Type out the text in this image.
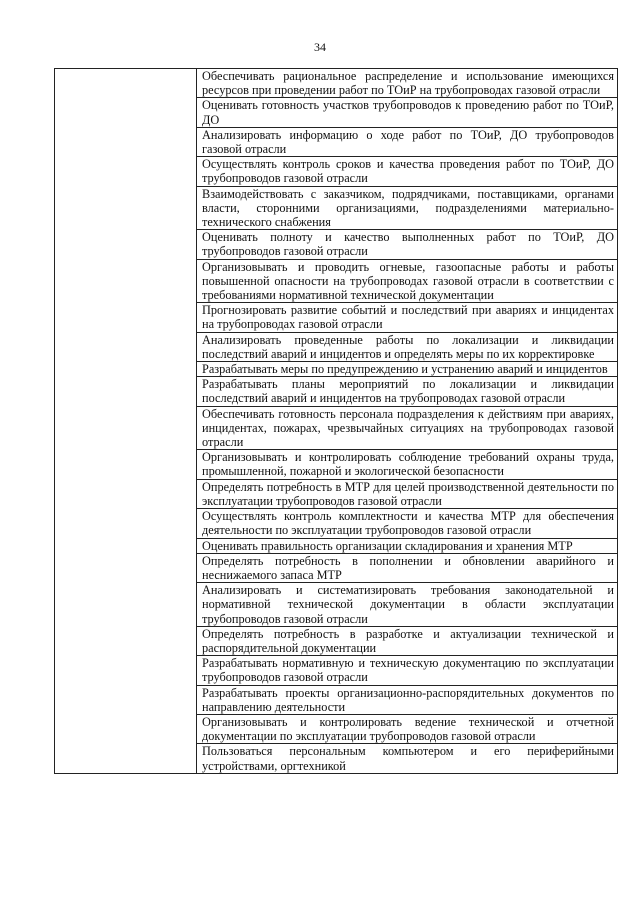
34
	Обеспечивать рациональное распределение и использование имеющихся ресурсов при проведении работ по ТОиР на трубопроводах газовой отрасли
Оценивать готовность участков трубопроводов к проведению работ по ТОиР, ДО
Анализировать информацию о ходе работ по ТОиР, ДО трубопроводов газовой отрасли
Осуществлять контроль сроков и качества проведения работ по ТОиР, ДО трубопроводов газовой отрасли
Взаимодействовать с заказчиком, подрядчиками, поставщиками, органами власти, сторонними организациями, подразделениями материально-технического снабжения
Оценивать полноту и качество выполненных работ по ТОиР, ДО трубопроводов газовой отрасли
Организовывать и проводить огневые, газоопасные работы и работы повышенной опасности на трубопроводах газовой отрасли в соответствии с требованиями нормативной технической документации
Прогнозировать развитие событий и последствий при авариях и инцидентах на трубопроводах газовой отрасли
Анализировать проведенные работы по локализации и ликвидации последствий аварий и инцидентов и определять меры по их корректировке
Разрабатывать меры по предупреждению и устранению аварий и инцидентов
Разрабатывать планы мероприятий по локализации и ликвидации последствий аварий и инцидентов на трубопроводах газовой отрасли
Обеспечивать готовность персонала подразделения к действиям при авариях, инцидентах, пожарах, чрезвычайных ситуациях на трубопроводах газовой отрасли
Организовывать и контролировать соблюдение требований охраны труда, промышленной, пожарной и экологической безопасности
Определять потребность в МТР для целей производственной деятельности по эксплуатации трубопроводов газовой отрасли
Осуществлять контроль комплектности и качества МТР для обеспечения деятельности по эксплуатации трубопроводов газовой отрасли
Оценивать правильность организации складирования и хранения МТР
Определять потребность в пополнении и обновлении аварийного и неснижаемого запаса МТР
Анализировать и систематизировать требования законодательной и нормативной технической документации в области эксплуатации трубопроводов газовой отрасли
Определять потребность в разработке и актуализации технической и распорядительной документации
Разрабатывать нормативную и техническую документацию по эксплуатации трубопроводов газовой отрасли
Разрабатывать проекты организационно-распорядительных документов по направлению деятельности
Организовывать и контролировать ведение технической и отчетной документации по эксплуатации трубопроводов газовой отрасли
Пользоваться персональным компьютером и его периферийными устройствами, оргтехникой
